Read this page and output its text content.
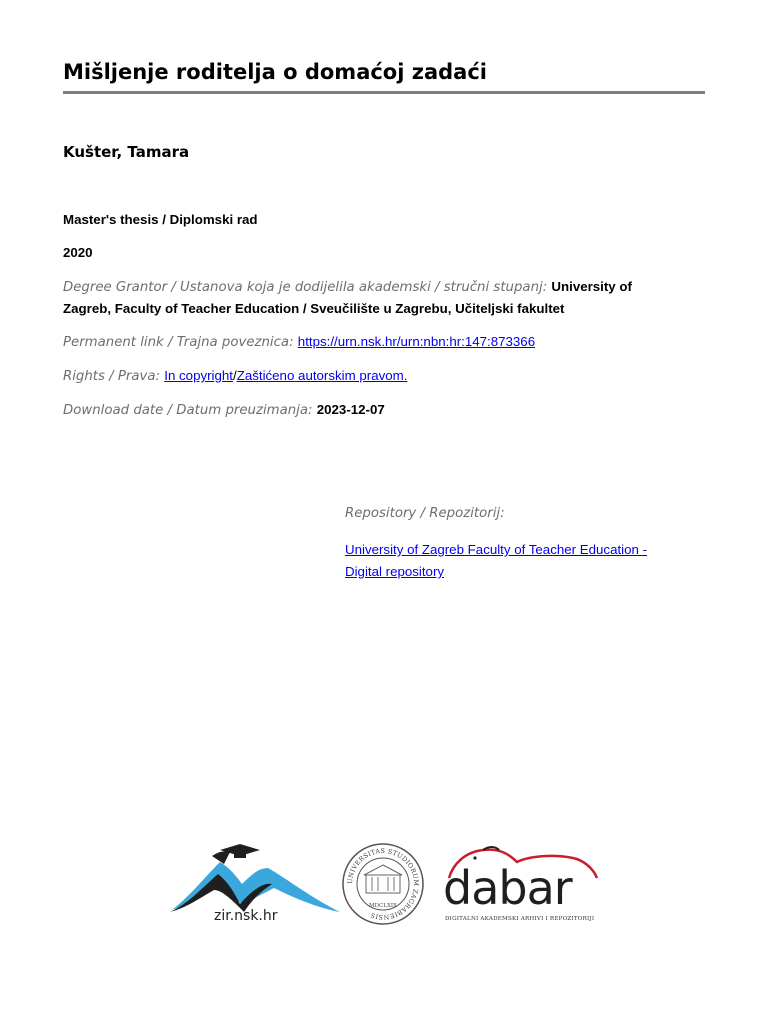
Mišljenje roditelja o domaćoj zadaći
Kušter, Tamara
Master's thesis / Diplomski rad
2020
Degree Grantor / Ustanova koja je dodijelila akademski / stručni stupanj: University of
Zagreb, Faculty of Teacher Education / Sveučilište u Zagrebu, Učiteljski fakultet
Permanent link / Trajna poveznica: https://urn.nsk.hr/urn:nbn:hr:147:873366
Rights / Prava: In copyright/Zaštićeno autorskim pravom.
Download date / Datum preuzimanja: 2023-12-07
Repository / Repozitorij:
University of Zagreb Faculty of Teacher Education -
Digital repository
zir.nsk.hr
UNIVERSITAS STUDIORUM ZAGRABIENSIS
MDCLXIX dabar
DIGITALNI AKADEMSKI ARHIVI I REPOZITORIJI
